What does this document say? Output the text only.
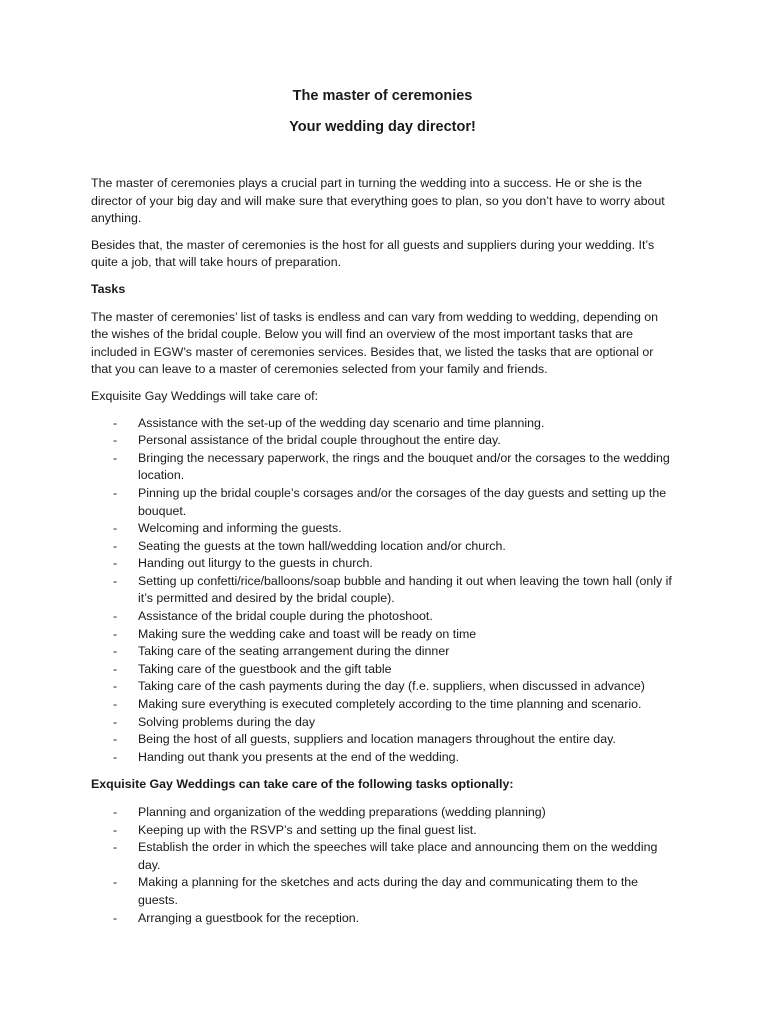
The master of ceremonies
Your wedding day director!

The master of ceremonies plays a crucial part in turning the wedding into a success. He or she is the director of your big day and will make sure that everything goes to plan, so you don’t have to worry about anything.

Besides that, the master of ceremonies is the host for all guests and suppliers during your wedding. It’s quite a job, that will take hours of preparation.

Tasks

The master of ceremonies’ list of tasks is endless and can vary from wedding to wedding, depending on the wishes of the bridal couple. Below you will find an overview of the most important tasks that are included in EGW’s master of ceremonies services. Besides that, we listed the tasks that are optional or that you can leave to a master of ceremonies selected from your family and friends.

Exquisite Gay Weddings will take care of:

- Assistance with the set-up of the wedding day scenario and time planning.
- Personal assistance of the bridal couple throughout the entire day.
- Bringing the necessary paperwork, the rings and the bouquet and/or the corsages to the wedding location.
- Pinning up the bridal couple’s corsages and/or the corsages of the day guests and setting up the bouquet.
- Welcoming and informing the guests.
- Seating the guests at the town hall/wedding location and/or church.
- Handing out liturgy to the guests in church.
- Setting up confetti/rice/balloons/soap bubble and handing it out when leaving the town hall (only if it’s permitted and desired by the bridal couple).
- Assistance of the bridal couple during the photoshoot.
- Making sure the wedding cake and toast will be ready on time
- Taking care of the seating arrangement during the dinner
- Taking care of the guestbook and the gift table
- Taking care of the cash payments during the day (f.e. suppliers, when discussed in advance)
- Making sure everything is executed completely according to the time planning and scenario.
- Solving problems during the day
- Being the host of all guests, suppliers and location managers throughout the entire day.
- Handing out thank you presents at the end of the wedding.

Exquisite Gay Weddings can take care of the following tasks optionally:

- Planning and organization of the wedding preparations (wedding planning)
- Keeping up with the RSVP’s and setting up the final guest list.
- Establish the order in which the speeches will take place and announcing them on the wedding day.
- Making a planning for the sketches and acts during the day and communicating them to the guests.
- Arranging a guestbook for the reception.
